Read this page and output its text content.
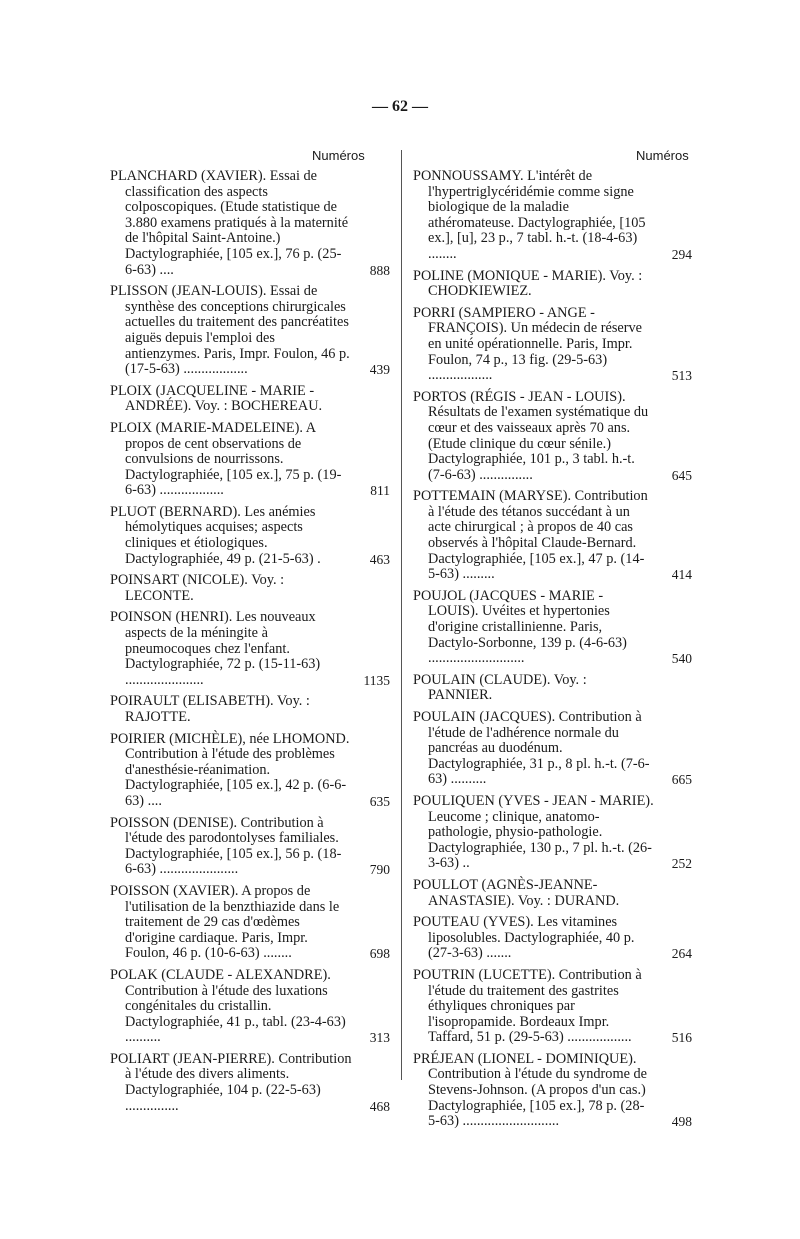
— 62 —
Numéros	Numéros
PLANCHARD (XAVIER). Essai de classification des aspects colposcopiques. (Etude statistique de 3.880 examens pratiqués à la maternité de l'hôpital Saint-Antoine.) Dactylographiée, [105 ex.], 76 p. (25-6-63) ....	888
PLISSON (JEAN-LOUIS). Essai de synthèse des conceptions chirurgicales actuelles du traitement des pancréatites aiguës depuis l'emploi des antienzymes. Paris, Impr. Foulon, 46 p. (17-5-63) ..................	439
PLOIX (JACQUELINE - MARIE - ANDRÉE). Voy. : BOCHEREAU.
PLOIX (MARIE-MADELEINE). A propos de cent observations de convulsions de nourrissons. Dactylographiée, [105 ex.], 75 p. (19-6-63) ..................	811
PLUOT (BERNARD). Les anémies hémolytiques acquises; aspects cliniques et étiologiques. Dactylographiée, 49 p. (21-5-63) .	463
POINSART (NICOLE). Voy. : LECONTE.
POINSON (HENRI). Les nouveaux aspects de la méningite à pneumocoques chez l'enfant. Dactylographiée, 72 p. (15-11-63) ......................	1135
POIRAULT (ELISABETH). Voy. : RAJOTTE.
POIRIER (MICHÈLE), née LHOMOND. Contribution à l'étude des problèmes d'anesthésie-réanimation. Dactylographiée, [105 ex.], 42 p. (6-6-63) ....	635
POISSON (DENISE). Contribution à l'étude des parodontolyses familiales. Dactylographiée, [105 ex.], 56 p. (18-6-63) ......................	790
POISSON (XAVIER). A propos de l'utilisation de la benzthiazide dans le traitement de 29 cas d'œdèmes d'origine cardiaque. Paris, Impr. Foulon, 46 p. (10-6-63) ........	698
POLAK (CLAUDE - ALEXANDRE). Contribution à l'étude des luxations congénitales du cristallin. Dactylographiée, 41 p., tabl. (23-4-63) ..........	313
POLIART (JEAN-PIERRE). Contribution à l'étude des divers aliments. Dactylographiée, 104 p. (22-5-63) ...............	468
PONNOUSSAMY. L'intérêt de l'hypertriglycéridémie comme signe biologique de la maladie athéromateuse. Dactylographiée, [105 ex.], [u], 23 p., 7 tabl. h.-t. (18-4-63) ........	294
POLINE (MONIQUE - MARIE). Voy. : CHODKIEWIEZ.
PORRI (SAMPIERO - ANGE - FRANÇOIS). Un médecin de réserve en unité opérationnelle. Paris, Impr. Foulon, 74 p., 13 fig. (29-5-63) ..................	513
PORTOS (RÉGIS - JEAN - LOUIS). Résultats de l'examen systématique du cœur et des vaisseaux après 70 ans. (Etude clinique du cœur sénile.) Dactylographiée, 101 p., 3 tabl. h.-t. (7-6-63) ...............	645
POTTEMAIN (MARYSE). Contribution à l'étude des tétanos succédant à un acte chirurgical ; à propos de 40 cas observés à l'hôpital Claude-Bernard. Dactylographiée, [105 ex.], 47 p. (14-5-63) .........	414
POUJOL (JACQUES - MARIE - LOUIS). Uvéites et hypertonies d'origine cristallinienne. Paris, Dactylo-Sorbonne, 139 p. (4-6-63) ...........................	540
POULAIN (CLAUDE). Voy. : PANNIER.
POULAIN (JACQUES). Contribution à l'étude de l'adhérence normale du pancréas au duodénum. Dactylographiée, 31 p., 8 pl. h.-t. (7-6-63) ..........	665
POULIQUEN (YVES - JEAN - MARIE). Leucome ; clinique, anatomo-pathologie, physio-pathologie. Dactylographiée, 130 p., 7 pl. h.-t. (26-3-63) ..	252
POULLOT (AGNÈS-JEANNE-ANASTASIE). Voy. : DURAND.
POUTEAU (YVES). Les vitamines liposolubles. Dactylographiée, 40 p. (27-3-63) .......	264
POUTRIN (LUCETTE). Contribution à l'étude du traitement des gastrites éthyliques chroniques par l'isopropamide. Bordeaux Impr. Taffard, 51 p. (29-5-63) ..................	516
PRÉJEAN (LIONEL - DOMINIQUE). Contribution à l'étude du syndrome de Stevens-Johnson. (A propos d'un cas.) Dactylographiée, [105 ex.], 78 p. (28-5-63) ...........................	498
